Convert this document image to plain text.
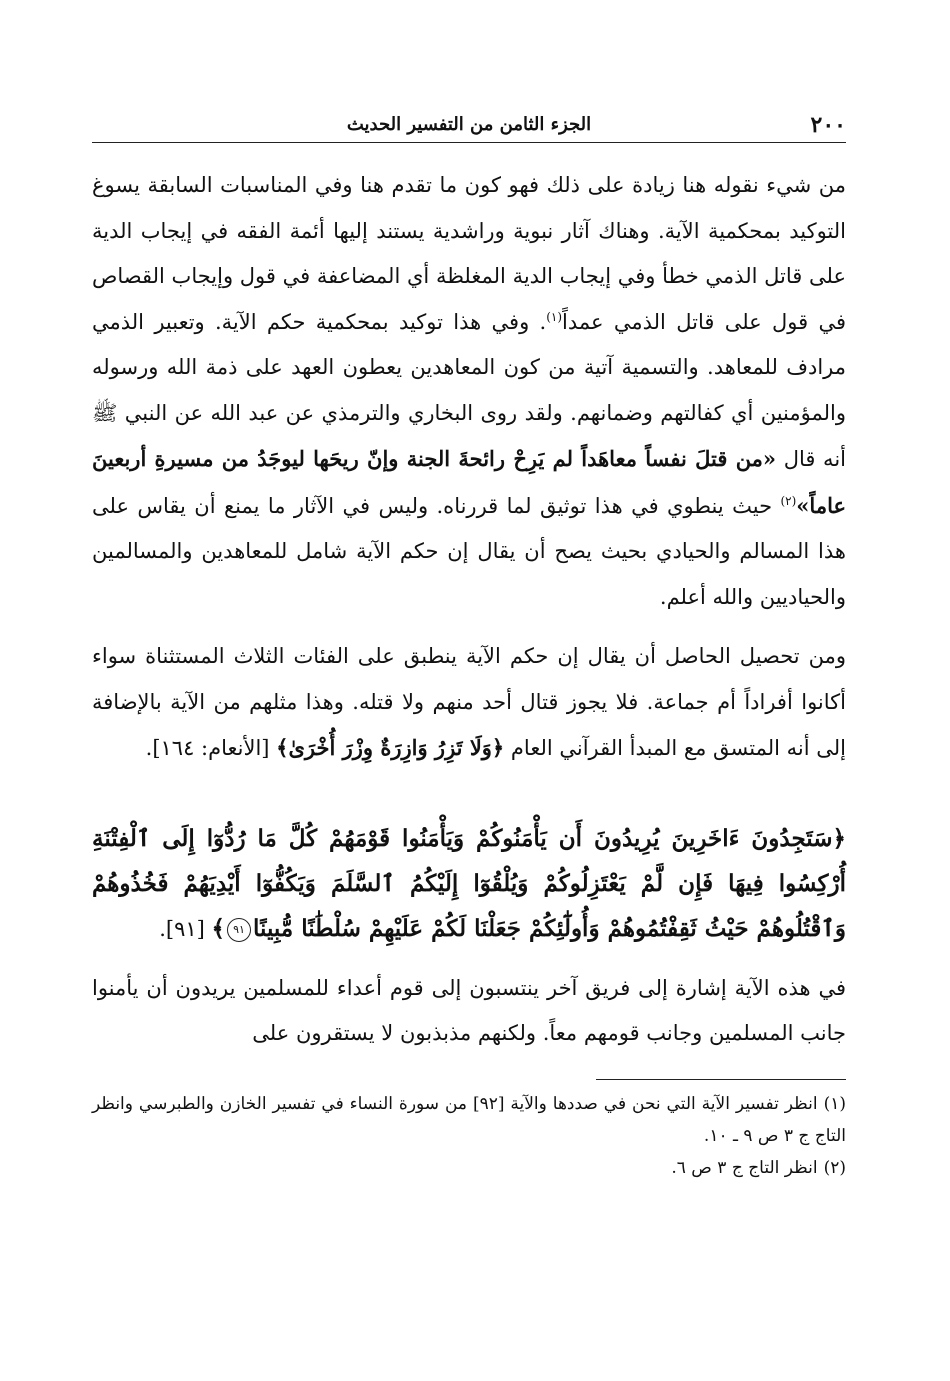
٢٠٠
الجزء الثامن من التفسير الحديث

من شيء نقوله هنا زيادة على ذلك فهو كون ما تقدم هنا وفي المناسبات السابقة يسوغ التوكيد بمحكمية الآية. وهناك آثار نبوية وراشدية يستند إليها أئمة الفقه في إيجاب الدية على قاتل الذمي خطأ وفي إيجاب الدية المغلظة أي المضاعفة في قول وإيجاب القصاص في قول على قاتل الذمي عمداً$^{(١)}$. وفي هذا توكيد بمحكمية حكم الآية. وتعبير الذمي مرادف للمعاهد. والتسمية آتية من كون المعاهدين يعطون العهد على ذمة الله ورسوله والمؤمنين أي كفالتهم وضمانهم. ولقد روى البخاري والترمذي عن عبد الله عن النبي ﷺ أنه قال «من قتلَ نفساً معاهَداً لم يَرِحْ رائحةَ الجنة وإنّ ريحَها ليوجَدُ من مسيرةِ أربعينَ عاماً»$^{(٢)}$ حيث ينطوي في هذا توثيق لما قررناه. وليس في الآثار ما يمنع أن يقاس على هذا المسالم والحيادي بحيث يصح أن يقال إن حكم الآية شامل للمعاهدين والمسالمين والحياديين والله أعلم.

ومن تحصيل الحاصل أن يقال إن حكم الآية ينطبق على الفئات الثلاث المستثناة سواء أكانوا أفراداً أم جماعة. فلا يجوز قتال أحد منهم ولا قتله. وهذا مثلهم من الآية بالإضافة إلى أنه المتسق مع المبدأ القرآني العام ﴿وَلَا تَزِرُ وَازِرَةٌ وِزْرَ أُخْرَىٰ﴾ [الأنعام: ١٦٤].

﴿سَتَجِدُونَ ءَاخَرِينَ يُرِيدُونَ أَن يَأْمَنُوكُمْ وَيَأْمَنُوا قَوْمَهُمْ كُلَّ مَا رُدُّوٓا إِلَى ٱلْفِتْنَةِ أُرْكِسُوا فِيهَا فَإِن لَّمْ يَعْتَزِلُوكُمْ وَيُلْقُوٓا إِلَيْكُمُ ٱلسَّلَمَ وَيَكُفُّوٓا أَيْدِيَهُمْ فَخُذُوهُمْ وَٱقْتُلُوهُمْ حَيْثُ ثَقِفْتُمُوهُمْ وَأُولَٰٓئِكُمْ جَعَلْنَا لَكُمْ عَلَيْهِمْ سُلْطَٰنًا مُّبِينًا٩١﴾ [٩١].

في هذه الآية إشارة إلى فريق آخر ينتسبون إلى قوم أعداء للمسلمين يريدون أن يأمنوا جانب المسلمين وجانب قومهم معاً. ولكنهم مذبذبون لا يستقرون على

(١)انظر تفسير الآية التي نحن في صددها والآية [٩٢] من سورة النساء في تفسير الخازن والطبرسي وانظر التاج ج ٣ ص ٩ ـ ١٠.

(٢)انظر التاج ج ٣ ص ٦.
